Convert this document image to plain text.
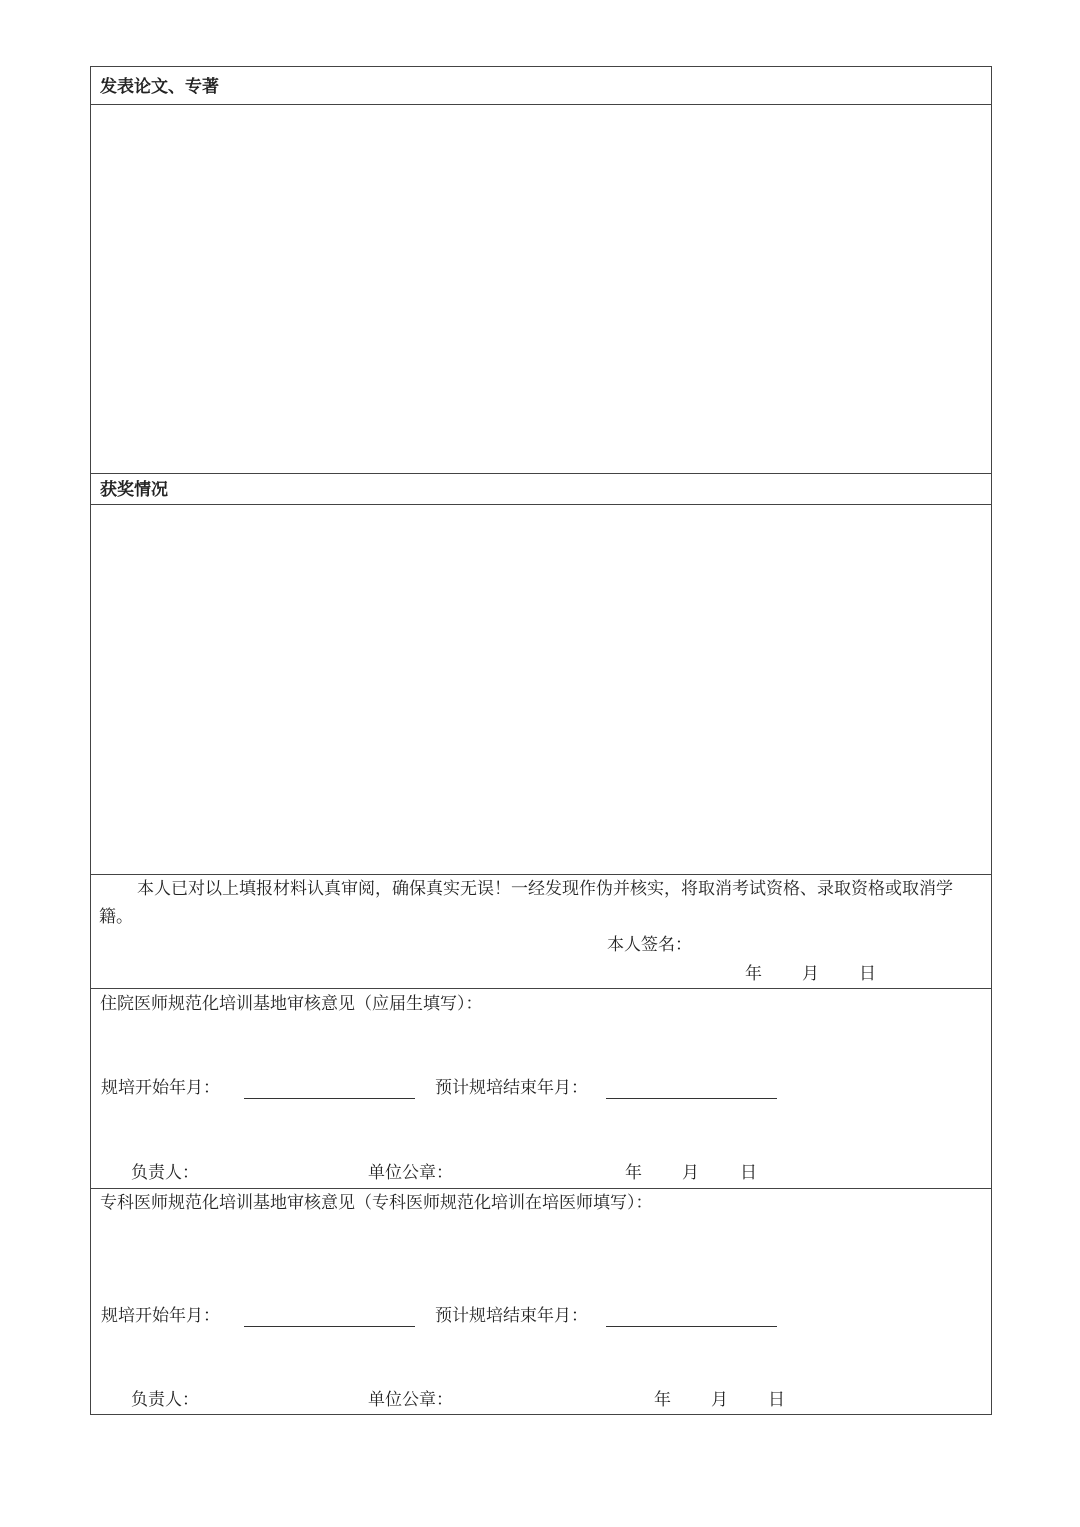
发表论文、专著
获奖情况
本人已对以上填报材料认真审阅，确保真实无误！一经发现作伪并核实，将取消考试资格、录取资格或取消学籍。
本人签名：
年 月 日
住院医师规范化培训基地审核意见（应届生填写）：
规培开始年月：	预计规培结束年月：
负责人：	单位公章：	年 月 日
专科医师规范化培训基地审核意见（专科医师规范化培训在培医师填写）：
规培开始年月：	预计规培结束年月：
负责人：	单位公章：	年 月 日
